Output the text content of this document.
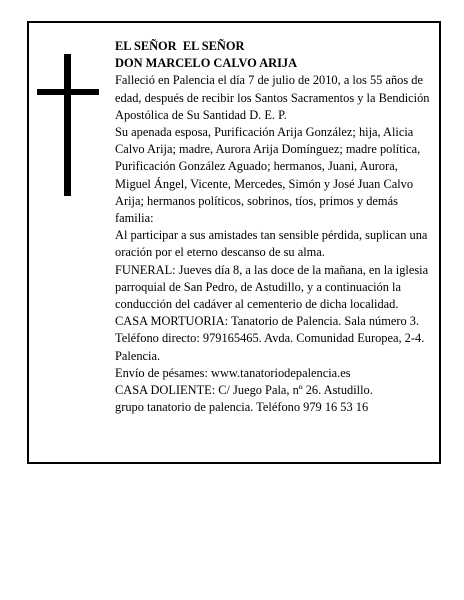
EL SEÑOR  EL SEÑOR

DON MARCELO CALVO ARIJA

Falleció en Palencia el día 7 de julio de 2010, a los 55 años de edad, después de recibir los Santos Sacramentos y la Bendición Apostólica de Su Santidad D. E. P.

Su apenada esposa, Purificación Arija González; hija, Alicia Calvo Arija; madre, Aurora Arija Domínguez; madre política, Purificación González Aguado; hermanos, Juani, Aurora, Miguel Ángel, Vicente, Mercedes, Simón y José Juan Calvo Arija; hermanos políticos, sobrinos, tíos, primos y demás familia:

Al participar a sus amistades tan sensible pérdida, suplican una oración por el eterno descanso de su alma.

FUNERAL: Jueves día 8, a las doce de la mañana, en la iglesia parroquial de San Pedro, de Astudillo, y a continuación la conducción del cadáver al cementerio de dicha localidad.

CASA MORTUORIA: Tanatorio de Palencia. Sala número 3. Teléfono directo: 979165465. Avda. Comunidad Europea, 2-4. Palencia.

Envío de pésames: www.tanatoriodepalencia.es

CASA DOLIENTE: C/ Juego Pala, nº 26. Astudillo.

grupo tanatorio de palencia. Teléfono 979 16 53 16
